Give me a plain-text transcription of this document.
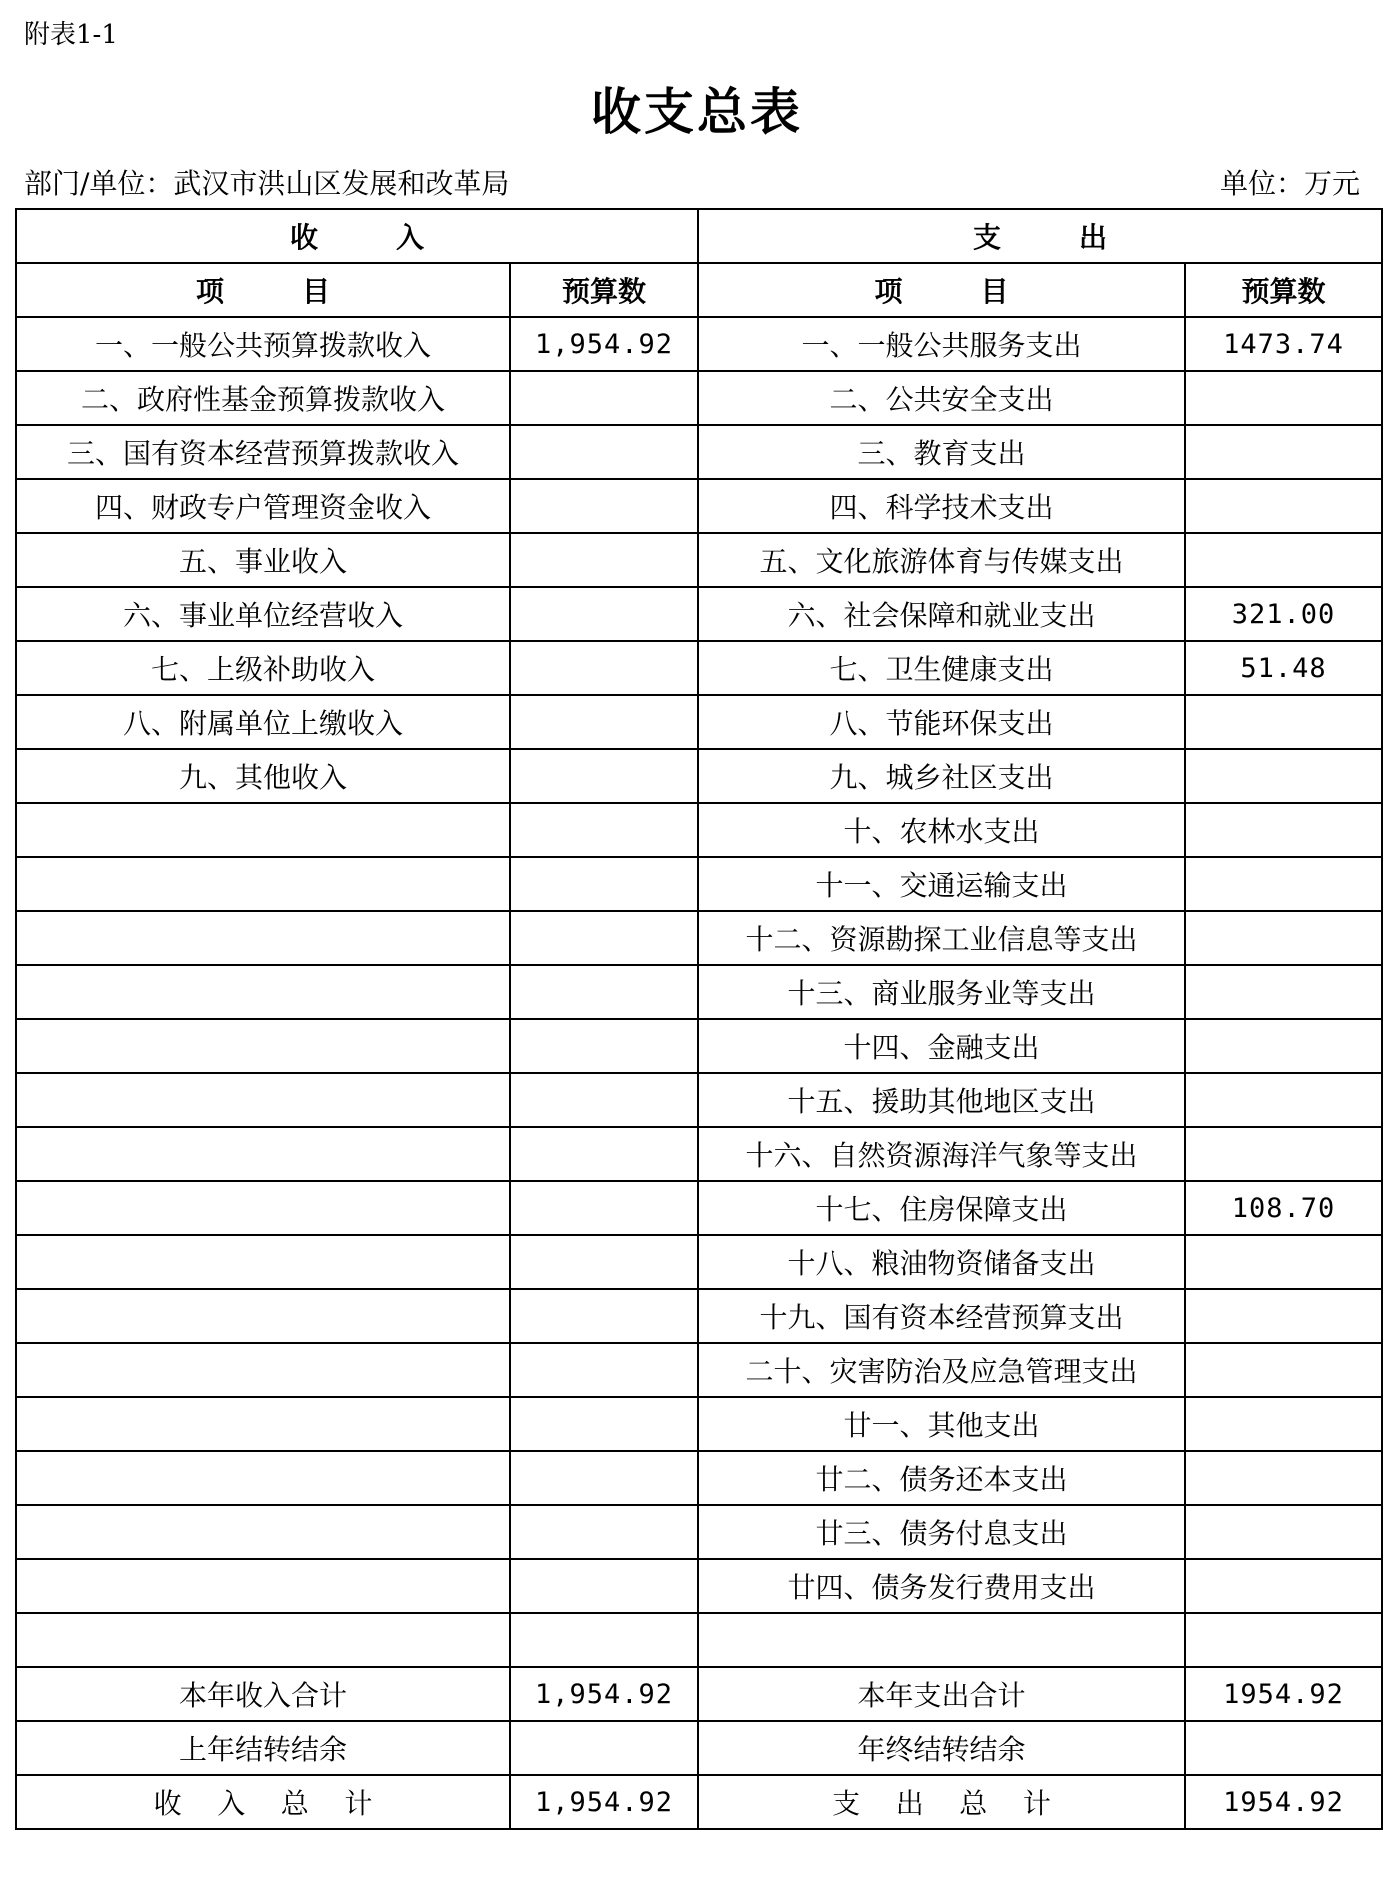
附表1-1
收支总表
部门/单位：武汉市洪山区发展和改革局	单位：万元
收        入		支        出	
项        目	预算数	项        目	预算数
一、一般公共预算拨款收入	1,954.92	一、一般公共服务支出	1473.74
二、政府性基金预算拨款收入		二、公共安全支出	
三、国有资本经营预算拨款收入		三、教育支出	
四、财政专户管理资金收入		四、科学技术支出	
五、事业收入		五、文化旅游体育与传媒支出	
六、事业单位经营收入		六、社会保障和就业支出	321.00
七、上级补助收入		七、卫生健康支出	51.48
八、附属单位上缴收入		八、节能环保支出	
九、其他收入		九、城乡社区支出	
		十、农林水支出	
		十一、交通运输支出	
		十二、资源勘探工业信息等支出	
		十三、商业服务业等支出	
		十四、金融支出	
		十五、援助其他地区支出	
		十六、自然资源海洋气象等支出	
		十七、住房保障支出	108.70
		十八、粮油物资储备支出	
		十九、国有资本经营预算支出	
		二十、灾害防治及应急管理支出	
		廿一、其他支出	
		廿二、债务还本支出	
		廿三、债务付息支出	
		廿四、债务发行费用支出	

本年收入合计	1,954.92	本年支出合计	1954.92
上年结转结余		年终结转结余	
收    入    总    计	1,954.92	支    出    总    计	1954.92
